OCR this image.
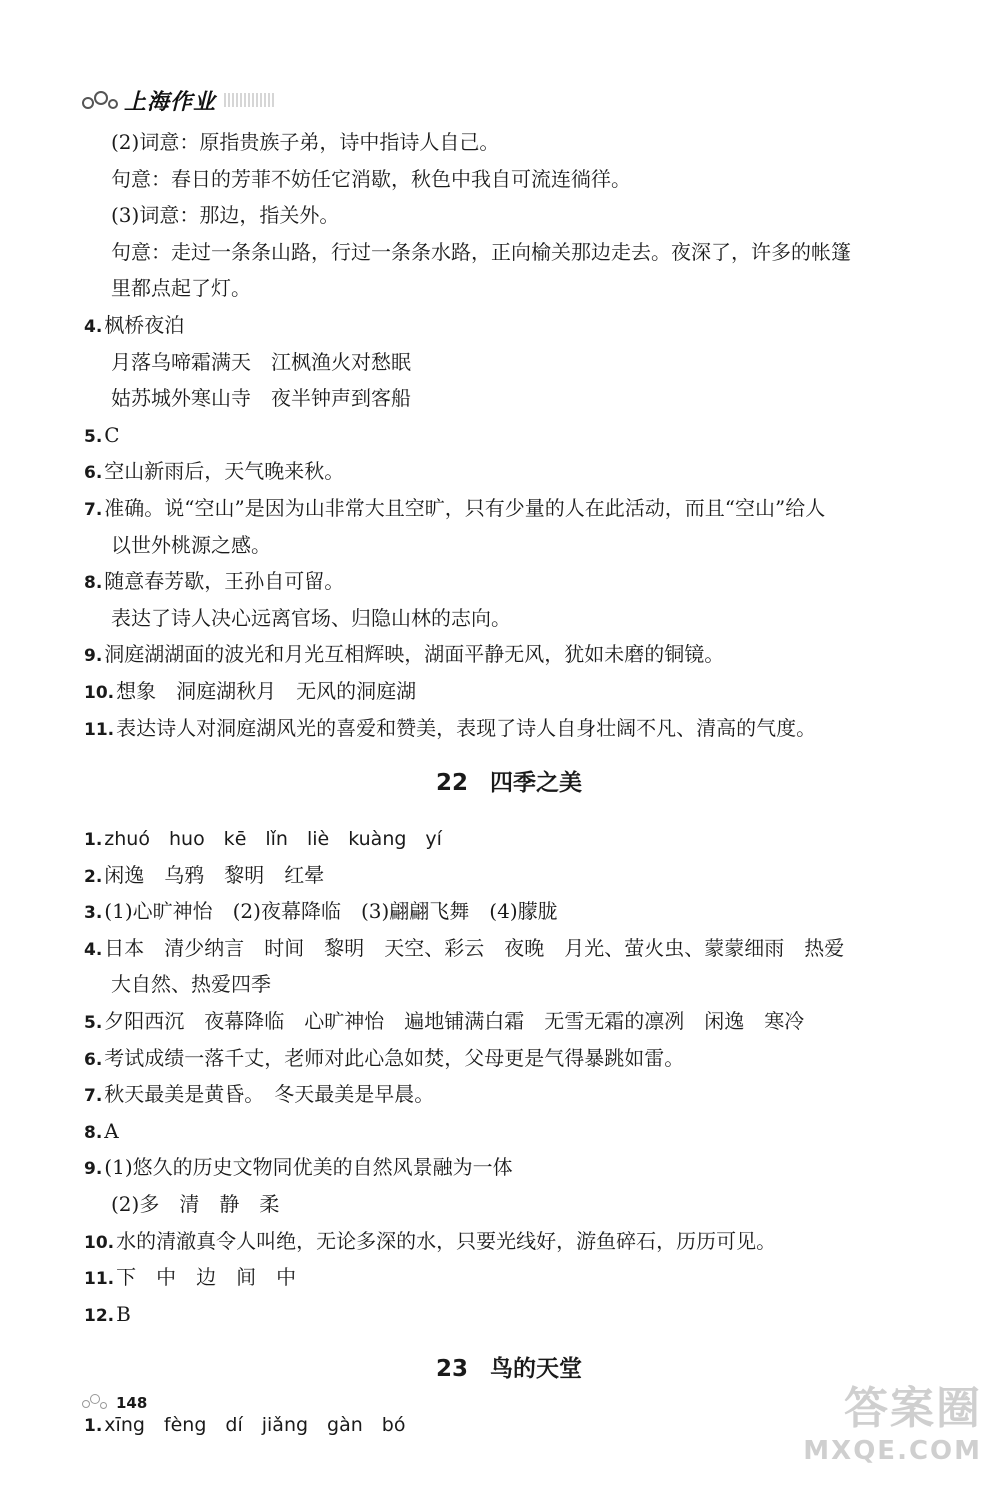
上海作业
(2)词意：原指贵族子弟，诗中指诗人自己。
句意：春日的芳菲不妨任它消歇，秋色中我自可流连徜徉。
(3)词意：那边，指关外。
句意：走过一条条山路，行过一条条水路，正向榆关那边走去。夜深了，许多的帐篷
里都点起了灯。
4. 枫桥夜泊
月落乌啼霜满天　江枫渔火对愁眠
姑苏城外寒山寺　夜半钟声到客船
5. C
6. 空山新雨后，天气晚来秋。
7. 准确。说“空山”是因为山非常大且空旷，只有少量的人在此活动，而且“空山”给人
以世外桃源之感。
8. 随意春芳歇，王孙自可留。
表达了诗人决心远离官场、归隐山林的志向。
9. 洞庭湖湖面的波光和月光互相辉映，湖面平静无风，犹如未磨的铜镜。
10. 想象　洞庭湖秋月　无风的洞庭湖
11. 表达诗人对洞庭湖风光的喜爱和赞美，表现了诗人自身壮阔不凡、清高的气度。
22 四季之美
1. zhuó　huo　kē　lǐn　liè　kuàng　yí
2. 闲逸　乌鸦　黎明　红晕
3. (1)心旷神怡　(2)夜幕降临　(3)翩翩飞舞　(4)朦胧
4. 日本　清少纳言　时间　黎明　天空、彩云　夜晚　月光、萤火虫、蒙蒙细雨　热爱
大自然、热爱四季
5. 夕阳西沉　夜幕降临　心旷神怡　遍地铺满白霜　无雪无霜的凛冽　闲逸　寒冷
6. 考试成绩一落千丈，老师对此心急如焚，父母更是气得暴跳如雷。
7. 秋天最美是黄昏。　冬天最美是早晨。
8. A
9. (1)悠久的历史文物同优美的自然风景融为一体
(2)多　清　静　柔
10. 水的清澈真令人叫绝，无论多深的水，只要光线好，游鱼碎石，历历可见。
11. 下　中　边　间　中
12. B
23 鸟的天堂
1. xīng　fèng　dí　jiǎng　gàn　bó
148	答案圈
MXQE.COM
